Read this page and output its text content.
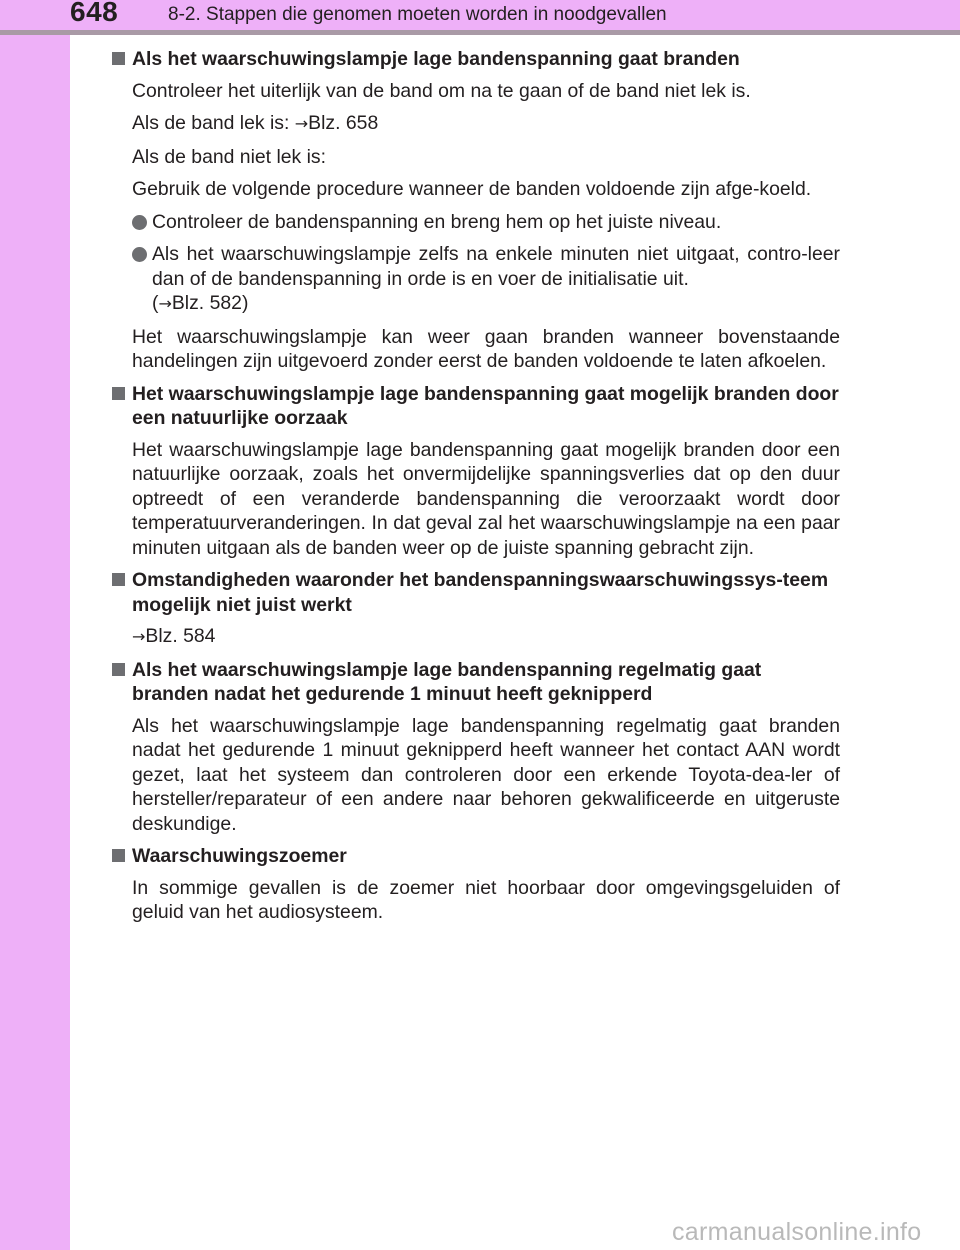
648	8-2. Stappen die genomen moeten worden in noodgevallen
Als het waarschuwingslampje lage bandenspanning gaat branden

Controleer het uiterlijk van de band om na te gaan of de band niet lek is.

Als de band lek is: →Blz. 658

Als de band niet lek is:

Gebruik de volgende procedure wanneer de banden voldoende zijn afge-koeld.

Controleer de bandenspanning en breng hem op het juiste niveau.
Als het waarschuwingslampje zelfs na enkele minuten niet uitgaat, contro-leer dan of de bandenspanning in orde is en voer de initialisatie uit.
(→Blz. 582)

Het waarschuwingslampje kan weer gaan branden wanneer bovenstaande handelingen zijn uitgevoerd zonder eerst de banden voldoende te laten afkoelen.

Het waarschuwingslampje lage bandenspanning gaat mogelijk branden door een natuurlijke oorzaak

Het waarschuwingslampje lage bandenspanning gaat mogelijk branden door een natuurlijke oorzaak, zoals het onvermijdelijke spanningsverlies dat op den duur optreedt of een veranderde bandenspanning die veroorzaakt wordt door temperatuurveranderingen. In dat geval zal het waarschuwingslampje na een paar minuten uitgaan als de banden weer op de juiste spanning gebracht zijn.

Omstandigheden waaronder het bandenspanningswaarschuwingssys-teem mogelijk niet juist werkt

→Blz. 584

Als het waarschuwingslampje lage bandenspanning regelmatig gaat branden nadat het gedurende 1 minuut heeft geknipperd

Als het waarschuwingslampje lage bandenspanning regelmatig gaat branden nadat het gedurende 1 minuut geknipperd heeft wanneer het contact AAN wordt gezet, laat het systeem dan controleren door een erkende Toyota-dea-ler of hersteller/reparateur of een andere naar behoren gekwalificeerde en uitgeruste deskundige.

Waarschuwingszoemer

In sommige gevallen is de zoemer niet hoorbaar door omgevingsgeluiden of geluid van het audiosysteem.

carmanualsonline.info
